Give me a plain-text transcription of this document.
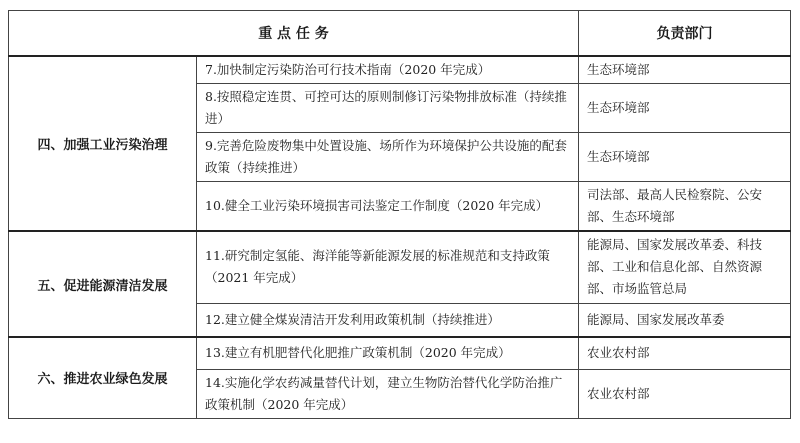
重 点 任 务		负责部门
四、加强工业污染治理	7.加快制定污染防治可行技术指南（2020 年完成）	生态环境部
	8.按照稳定连贯、可控可达的原则制修订污染物排放标准（持续推进）	生态环境部
	9.完善危险废物集中处置设施、场所作为环境保护公共设施的配套政策（持续推进）	生态环境部
	10.健全工业污染环境损害司法鉴定工作制度（2020 年完成）	司法部、最高人民检察院、公安部、生态环境部
五、促进能源清洁发展	11.研究制定氢能、海洋能等新能源发展的标准规范和支持政策（2021 年完成）	能源局、国家发展改革委、科技部、工业和信息化部、自然资源部、市场监管总局
	12.建立健全煤炭清洁开发利用政策机制（持续推进）	能源局、国家发展改革委
六、推进农业绿色发展	13.建立有机肥替代化肥推广政策机制（2020 年完成）	农业农村部
	14.实施化学农药减量替代计划，建立生物防治替代化学防治推广政策机制（2020 年完成）	农业农村部
